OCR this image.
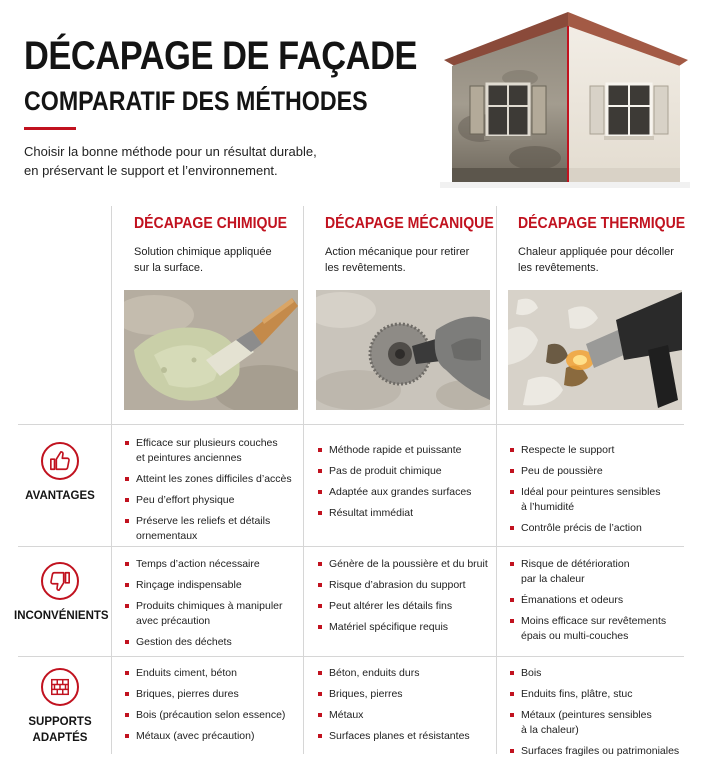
DÉCAPAGE DE FAÇADE
COMPARATIF DES MÉTHODES
Choisir la bonne méthode pour un résultat durable,
en préservant le support et l’environnement.
DÉCAPAGE CHIMIQUE
Solution chimique appliquée
sur la surface.
DÉCAPAGE MÉCANIQUE
Action mécanique pour retirer
les revêtements.
DÉCAPAGE THERMIQUE
Chaleur appliquée pour décoller
les revêtements.
AVANTAGES
Efficace sur plusieurs couches
et peintures anciennes
Atteint les zones difficiles d’accès
Peu d’effort physique
Préserve les reliefs et détails
ornementaux
Méthode rapide et puissante
Pas de produit chimique
Adaptée aux grandes surfaces
Résultat immédiat
Respecte le support
Peu de poussière
Idéal pour peintures sensibles
à l’humidité
Contrôle précis de l’action
INCONVÉNIENTS
Temps d’action nécessaire
Rinçage indispensable
Produits chimiques à manipuler
avec précaution
Gestion des déchets
Génère de la poussière et du bruit
Risque d’abrasion du support
Peut altérer les détails fins
Matériel spécifique requis
Risque de détérioration
par la chaleur
Émanations et odeurs
Moins efficace sur revêtements
épais ou multi-couches
SUPPORTS
ADAPTÉS
Enduits ciment, béton
Briques, pierres dures
Bois (précaution selon essence)
Métaux (avec précaution)
Béton, enduits durs
Briques, pierres
Métaux
Surfaces planes et résistantes
Bois
Enduits fins, plâtre, stuc
Métaux (peintures sensibles
à la chaleur)
Surfaces fragiles ou patrimoniales
